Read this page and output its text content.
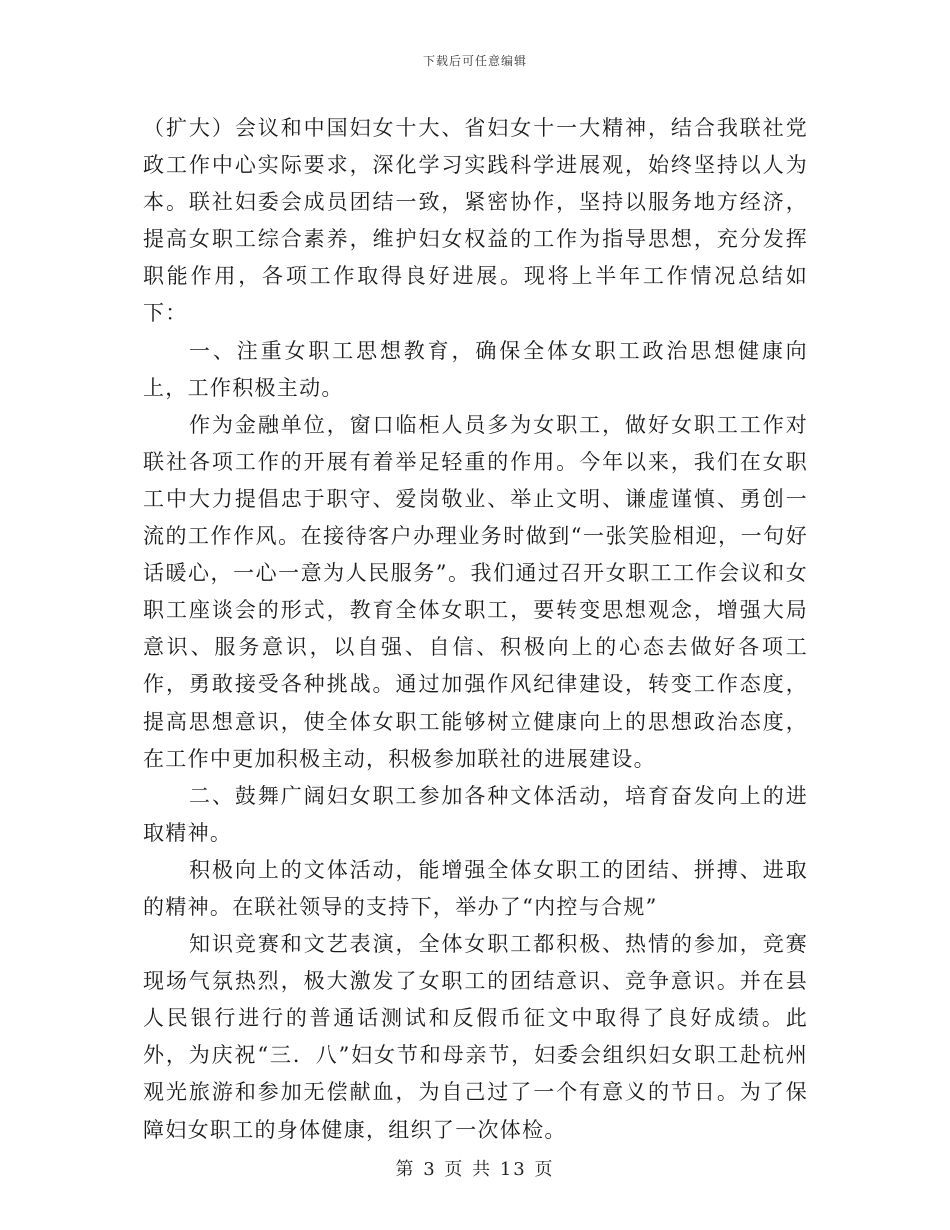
下载后可任意编辑

（扩大）会议和中国妇女十大、省妇女十一大精神，结合我联社党政工作中心实际要求，深化学习实践科学进展观，始终坚持以人为本。联社妇委会成员团结一致，紧密协作，坚持以服务地方经济，提高女职工综合素养，维护妇女权益的工作为指导思想，充分发挥职能作用，各项工作取得良好进展。现将上半年工作情况总结如下：

一、注重女职工思想教育，确保全体女职工政治思想健康向上，工作积极主动。

作为金融单位，窗口临柜人员多为女职工，做好女职工工作对联社各项工作的开展有着举足轻重的作用。今年以来，我们在女职工中大力提倡忠于职守、爱岗敬业、举止文明、谦虚谨慎、勇创一流的工作作风。在接待客户办理业务时做到“一张笑脸相迎，一句好话暖心，一心一意为人民服务”。我们通过召开女职工工作会议和女职工座谈会的形式，教育全体女职工，要转变思想观念，增强大局意识、服务意识，以自强、自信、积极向上的心态去做好各项工作，勇敢接受各种挑战。通过加强作风纪律建设，转变工作态度，提高思想意识，使全体女职工能够树立健康向上的思想政治态度，在工作中更加积极主动，积极参加联社的进展建设。

二、鼓舞广阔妇女职工参加各种文体活动，培育奋发向上的进取精神。

积极向上的文体活动，能增强全体女职工的团结、拼搏、进取的精神。在联社领导的支持下，举办了“内控与合规”

知识竞赛和文艺表演，全体女职工都积极、热情的参加，竞赛现场气氛热烈，极大激发了女职工的团结意识、竞争意识。并在县人民银行进行的普通话测试和反假币征文中取得了良好成绩。此外，为庆祝“三．八”妇女节和母亲节，妇委会组织妇女职工赴杭州观光旅游和参加无偿献血，为自己过了一个有意义的节日。为了保障妇女职工的身体健康，组织了一次体检。

第 3 页 共 13 页
